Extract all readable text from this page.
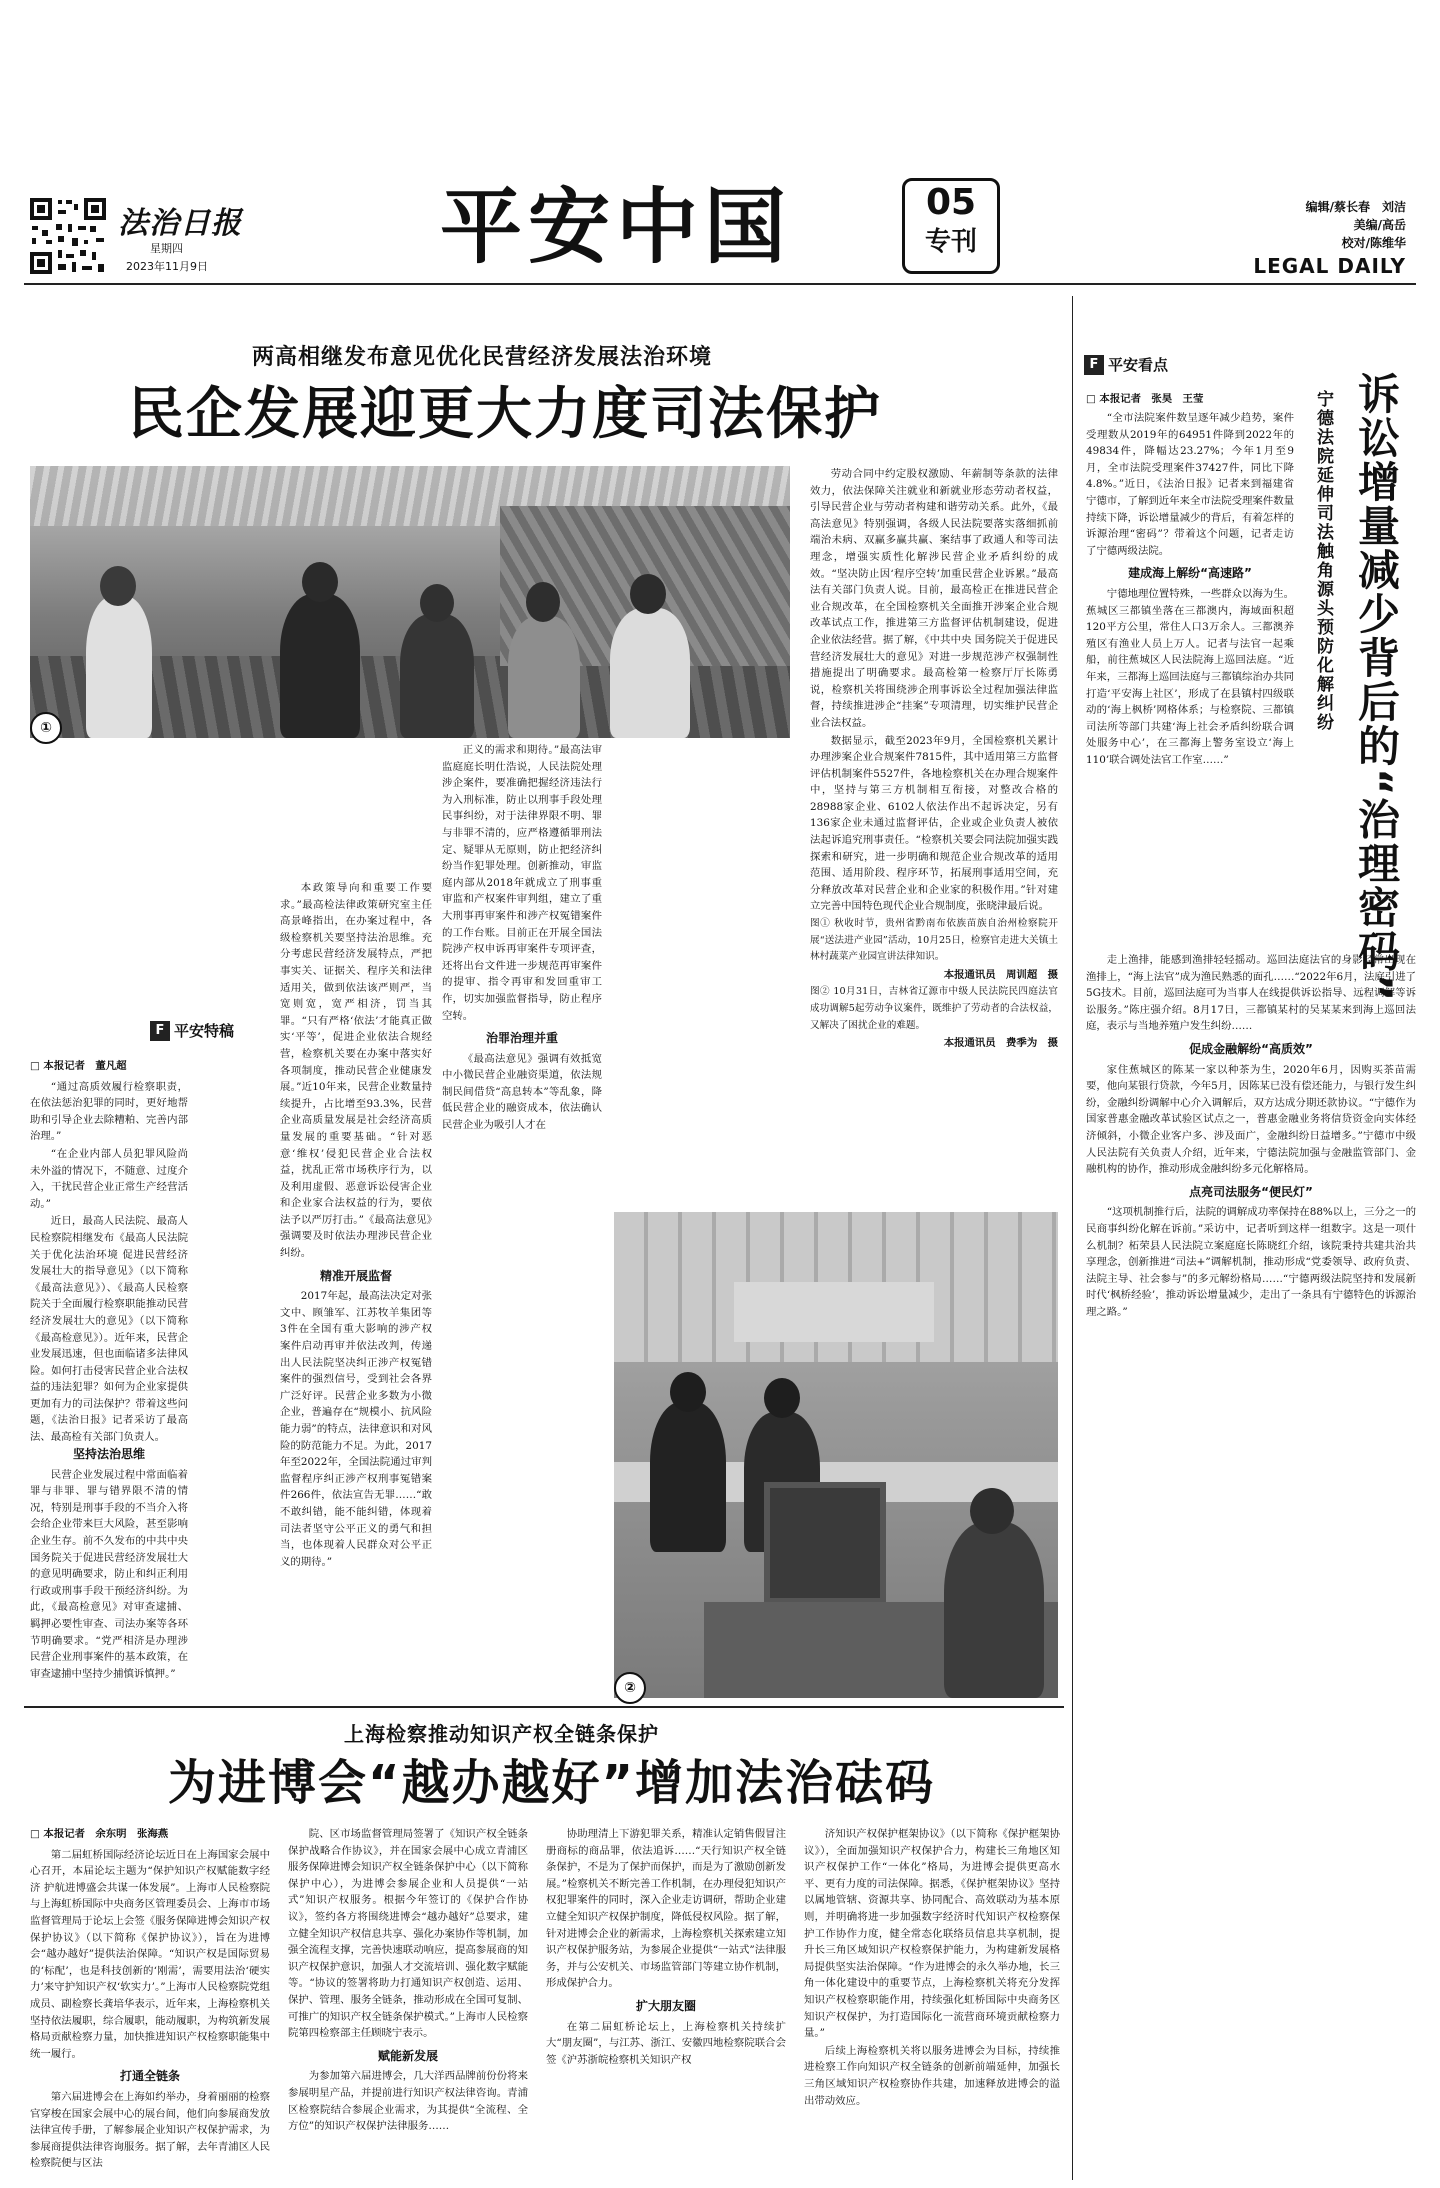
法治日报
星期四
2023年11月9日	平安中国	05
专刊
编辑/蔡长春　刘洁
美编/高岳
校对/陈维华
LEGAL DAILY
两高相继发布意见优化民营经济发展法治环境
民企发展迎更大力度司法保护
①
F 平安特稿

□ 本报记者　董凡超

“通过高质效履行检察职责，在依法惩治犯罪的同时，更好地帮助和引导企业去除糟粕、完善内部治理。”

“在企业内部人员犯罪风险尚未外溢的情况下，不随意、过度介入，干扰民营企业正常生产经营活动。”

近日，最高人民法院、最高人民检察院相继发布《最高人民法院关于优化法治环境 促进民营经济发展壮大的指导意见》（以下简称《最高法意见》）、《最高人民检察院关于全面履行检察职能推动民营经济发展壮大的意见》（以下简称《最高检意见》）。近年来，民营企业发展迅速，但也面临诸多法律风险。如何打击侵害民营企业合法权益的违法犯罪？如何为企业家提供更加有力的司法保护？带着这些问题，《法治日报》记者采访了最高法、最高检有关部门负责人。

坚持法治思维

民营企业发展过程中常面临着罪与非罪、罪与错界限不清的情况，特别是刑事手段的不当介入将会给企业带来巨大风险，甚至影响企业生存。前不久发布的中共中央 国务院关于促进民营经济发展壮大的意见明确要求，防止和纠正利用行政或刑事手段干预经济纠纷。为此，《最高检意见》对审查逮捕、羁押必要性审查、司法办案等各环节明确要求。“党严相济是办理涉民营企业刑事案件的基本政策，在审查逮捕中坚持少捕慎诉慎押。”

本政策导向和重要工作要求。”最高检法律政策研究室主任高景峰指出，在办案过程中，各级检察机关要坚持法治思维。充分考虑民营经济发展特点，严把事实关、证据关、程序关和法律适用关，做到依法该严则严，当宽则宽，宽严相济，罚当其罪。“只有严格‘依法’才能真正做实‘平等’，促进企业依法合规经营，检察机关要在办案中落实好各项制度，推动民营企业健康发展。”近10年来，民营企业数量持续提升，占比增至93.3%，民营企业高质量发展是社会经济高质量发展的重要基础。“针对恶意‘维权’侵犯民营企业合法权益，扰乱正常市场秩序行为，以及利用虚假、恶意诉讼侵害企业和企业家合法权益的行为，要依法予以严厉打击。”《最高法意见》强调要及时依法办理涉民营企业纠纷。

精准开展监督

2017年起，最高法决定对张文中、顾雏军、江苏牧羊集团等3件在全国有重大影响的涉产权案件启动再审并依法改判，传递出人民法院坚决纠正涉产权冤错案件的强烈信号，受到社会各界广泛好评。民营企业多数为小微企业，普遍存在“规模小、抗风险能力弱”的特点，法律意识和对风险的防范能力不足。为此，2017年至2022年，全国法院通过审判监督程序纠正涉产权刑事冤错案件266件，依法宣告无罪……“敢不敢纠错，能不能纠错，体现着司法者坚守公平正义的勇气和担当，也体现着人民群众对公平正义的期待。”

正义的需求和期待。”最高法审监庭庭长明仕浩说，人民法院处理涉企案件，要准确把握经济违法行为入刑标准，防止以刑事手段处理民事纠纷，对于法律界限不明、罪与非罪不清的，应严格遵循罪刑法定、疑罪从无原则，防止把经济纠纷当作犯罪处理。创新推动，审监庭内部从2018年就成立了刑事重审监和产权案件审判组，建立了重大刑事再审案件和涉产权冤错案件的工作台账。目前正在开展全国法院涉产权申诉再审案件专项评查，还将出台文件进一步规范再审案件的提审、指令再审和发回重审工作，切实加强监督指导，防止程序空转。

治罪治理并重

《最高法意见》强调有效抵宽中小微民营企业融资渠道，依法规制民间借贷“高息转本”等乱象，降低民营企业的融资成本，依法确认民营企业为吸引人才在

劳动合同中约定股权激励、年薪制等条款的法律效力，依法保障关注就业和新就业形态劳动者权益，引导民营企业与劳动者构建和谐劳动关系。此外，《最高法意见》特别强调，各级人民法院要落实落细抓前端治未病、双赢多赢共赢、案结事了政通人和等司法理念，增强实质性化解涉民营企业矛盾纠纷的成效。“坚决防止因‘程序空转’加重民营企业诉累。”最高法有关部门负责人说。目前，最高检正在推进民营企业合规改革，在全国检察机关全面推开涉案企业合规改革试点工作，推进第三方监督评估机制建设，促进企业依法经营。据了解，《中共中央 国务院关于促进民营经济发展壮大的意见》对进一步规范涉产权强制性措施提出了明确要求。最高检第一检察厅厅长陈勇说，检察机关将围绕涉企刑事诉讼全过程加强法律监督，持续推进涉企“挂案”专项清理，切实维护民营企业合法权益。

数据显示，截至2023年9月，全国检察机关累计办理涉案企业合规案件7815件，其中适用第三方监督评估机制案件5527件，各地检察机关在办理合规案件中，坚持与第三方机制相互衔接，对整改合格的28988家企业、6102人依法作出不起诉决定，另有136家企业未通过监督评估，企业或企业负责人被依法起诉追究刑事责任。“检察机关要会同法院加强实践探索和研究，进一步明确和规范企业合规改革的适用范围、适用阶段、程序环节，拓展刑事适用空间，充分释放改革对民营企业和企业家的积极作用。”针对建立完善中国特色现代企业合规制度，张晓津最后说。

图① 秋收时节，贵州省黔南布依族苗族自治州检察院开展“送法进产业园”活动，10月25日，检察官走进大关镇土林村蔬菜产业园宣讲法律知识。

本报通讯员　周训超　摄

图② 10月31日，吉林省辽源市中级人民法院民四庭法官成功调解5起劳动争议案件，既维护了劳动者的合法权益，又解决了困扰企业的难题。

本报通讯员　费季为　摄

②
上海检察推动知识产权全链条保护
为进博会“越办越好”增加法治砝码

□ 本报记者　余东明　张海燕

第二届虹桥国际经济论坛近日在上海国家会展中心召开，本届论坛主题为“保护知识产权赋能数字经济 护航进博盛会共谋一体发展”。上海市人民检察院与上海虹桥国际中央商务区管理委员会、上海市市场监督管理局于论坛上会签《服务保障进博会知识产权保护协议》（以下简称《保护协议》），旨在为进博会“越办越好”提供法治保障。“知识产权是国际贸易的‘标配’，也是科技创新的‘刚需’，需要用法治‘硬实力’来守护知识产权‘软实力’。”上海市人民检察院党组成员、副检察长龚培华表示，近年来，上海检察机关坚持依法履职，综合履职，能动履职，为构筑新发展格局贡献检察力量，加快推进知识产权检察职能集中统一履行。

打通全链条

第六届进博会在上海如约举办，身着丽丽的检察官穿梭在国家会展中心的展台间，他们向参展商发放法律宣传手册，了解参展企业知识产权保护需求，为参展商提供法律咨询服务。据了解，去年青浦区人民检察院便与区法

院、区市场监督管理局签署了《知识产权全链条保护战略合作协议》，并在国家会展中心成立青浦区服务保障进博会知识产权全链条保护中心（以下简称保护中心），为进博会参展企业和人员提供“一站式”知识产权服务。根据今年签订的《保护合作协议》，签约各方将围绕进博会“越办越好”总要求，建立健全知识产权信息共享、强化办案协作等机制，加强全流程支撑，完善快速联动响应，提高参展商的知识产权保护意识，加强人才交流培训、强化数字赋能等。“协议的签署将助力打通知识产权创造、运用、保护、管理、服务全链条，推动形成在全国可复制、可推广的知识产权全链条保护模式。”上海市人民检察院第四检察部主任顾晓宁表示。

赋能新发展

为参加第六届进博会，几大洋西品牌前份份将来参展明星产品，并提前进行知识产权法律咨询。青浦区检察院结合参展企业需求，为其提供“全流程、全方位”的知识产权保护法律服务……

协助理清上下游犯罪关系，精准认定销售假冒注册商标的商品罪，依法追诉……“天行知识产权全链条保护，不是为了保护而保护，而是为了激励创新发展。”检察机关不断完善工作机制，在办理侵犯知识产权犯罪案件的同时，深入企业走访调研，帮助企业建立健全知识产权保护制度，降低侵权风险。据了解，针对进博会企业的新需求，上海检察机关探索建立知识产权保护服务站，为参展企业提供“一站式”法律服务，并与公安机关、市场监管部门等建立协作机制，形成保护合力。

扩大朋友圈

在第二届虹桥论坛上，上海检察机关持续扩大“朋友圈”，与江苏、浙江、安徽四地检察院联合会签《沪苏浙皖检察机关知识产权

济知识产权保护框架协议》（以下简称《保护框架协议》），全面加强知识产权保护合力，构建长三角地区知识产权保护工作“一体化”格局，为进博会提供更高水平、更有力度的司法保障。据悉，《保护框架协议》坚持以属地管辖、资源共享、协同配合、高效联动为基本原则，并明确将进一步加强数字经济时代知识产权检察保护工作协作力度，健全常态化联络员信息共享机制，提升长三角区域知识产权检察保护能力，为构建新发展格局提供坚实法治保障。“作为进博会的永久举办地，长三角一体化建设中的重要节点，上海检察机关将充分发挥知识产权检察职能作用，持续强化虹桥国际中央商务区知识产权保护，为打造国际化一流营商环境贡献检察力量。”

后续上海检察机关将以服务进博会为目标，持续推进检察工作向知识产权全链条的创新前端延伸，加强长三角区域知识产权检察协作共建，加速释放进博会的溢出带动效应。

F 平安看点
□ 本报记者　张昊　王莹	诉讼增量减少背后的“治理密码”
宁德法院延伸司法触角源头预防化解纠纷

“全市法院案件数呈逐年减少趋势，案件受理数从2019年的64951件降到2022年的49834件，降幅达23.27%；今年1月至9月，全市法院受理案件37427件，同比下降4.8%。”近日，《法治日报》记者来到福建省宁德市，了解到近年来全市法院受理案件数量持续下降，诉讼增量减少的背后，有着怎样的诉源治理“密码”？带着这个问题，记者走访了宁德两级法院。

建成海上解纷“高速路”

宁德地理位置特殊，一些群众以海为生。蕉城区三都镇坐落在三都澳内，海域面积超120平方公里，常住人口3万余人。三都澳养殖区有渔业人员上万人。记者与法官一起乘船，前往蕉城区人民法院海上巡回法庭。“近年来，三都海上巡回法庭与三都镇综治办共同打造‘平安海上社区’，形成了在县镇村四级联动的‘海上枫桥’网格体系；与检察院、三都镇司法所等部门共建‘海上社会矛盾纠纷联合调处服务中心’，在三都海上警务室设立‘海上110’联合调处法官工作室……”

走上渔排，能感到渔排轻轻摇动。巡回法庭法官的身影经常出现在渔排上，“海上法官”成为渔民熟悉的面孔……“2022年6月，法庭引进了5G技术。目前，巡回法庭可为当事人在线提供诉讼指导、远程调解等诉讼服务。”陈庄强介绍。8月17日，三都镇某村的吴某某来到海上巡回法庭，表示与当地养殖户发生纠纷……

促成金融解纷“高质效”

家住蕉城区的陈某一家以种茶为生，2020年6月，因购买茶苗需要，他向某银行贷款，今年5月，因陈某已没有偿还能力，与银行发生纠纷，金融纠纷调解中心介入调解后，双方达成分期还款协议。“宁德作为国家普惠金融改革试验区试点之一，普惠金融业务将信贷资金向实体经济倾斜，小微企业客户多、涉及面广，金融纠纷日益增多。”宁德市中级人民法院有关负责人介绍，近年来，宁德法院加强与金融监管部门、金融机构的协作，推动形成金融纠纷多元化解格局。

点亮司法服务“便民灯”

“这项机制推行后，法院的调解成功率保持在88%以上，三分之一的民商事纠纷化解在诉前。”采访中，记者听到这样一组数字。这是一项什么机制？柘荣县人民法院立案庭庭长陈晓红介绍，该院秉持共建共治共享理念，创新推进“司法+”调解机制，推动形成“党委领导、政府负责、法院主导、社会参与”的多元解纷格局……“宁德两级法院坚持和发展新时代‘枫桥经验’，推动诉讼增量减少，走出了一条具有宁德特色的诉源治理之路。”
